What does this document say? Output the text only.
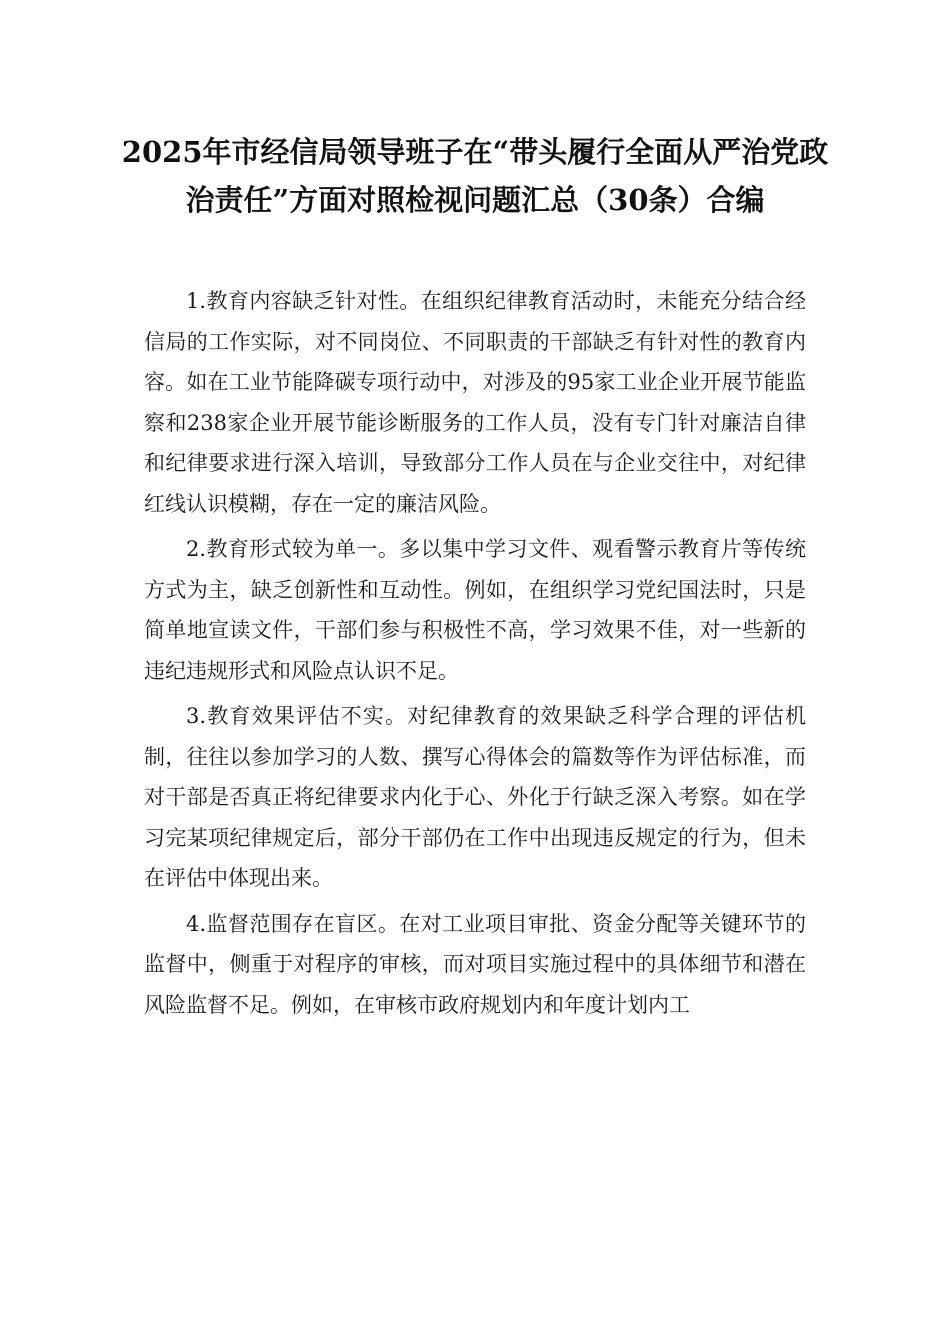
2025年市经信局领导班子在“带头履行全面从严治党政治责任”方面对照检视问题汇总（30条）合编

1.教育内容缺乏针对性。在组织纪律教育活动时，未能充分结合经信局的工作实际，对不同岗位、不同职责的干部缺乏有针对性的教育内容。如在工业节能降碳专项行动中，对涉及的95家工业企业开展节能监察和238家企业开展节能诊断服务的工作人员，没有专门针对廉洁自律和纪律要求进行深入培训，导致部分工作人员在与企业交往中，对纪律红线认识模糊，存在一定的廉洁风险。

2.教育形式较为单一。多以集中学习文件、观看警示教育片等传统方式为主，缺乏创新性和互动性。例如，在组织学习党纪国法时，只是简单地宣读文件，干部们参与积极性不高，学习效果不佳，对一些新的违纪违规形式和风险点认识不足。

3.教育效果评估不实。对纪律教育的效果缺乏科学合理的评估机制，往往以参加学习的人数、撰写心得体会的篇数等作为评估标准，而对干部是否真正将纪律要求内化于心、外化于行缺乏深入考察。如在学习完某项纪律规定后，部分干部仍在工作中出现违反规定的行为，但未在评估中体现出来。

4.监督范围存在盲区。在对工业项目审批、资金分配等关键环节的监督中，侧重于对程序的审核，而对项目实施过程中的具体细节和潜在风险监督不足。例如，在审核市政府规划内和年度计划内工
